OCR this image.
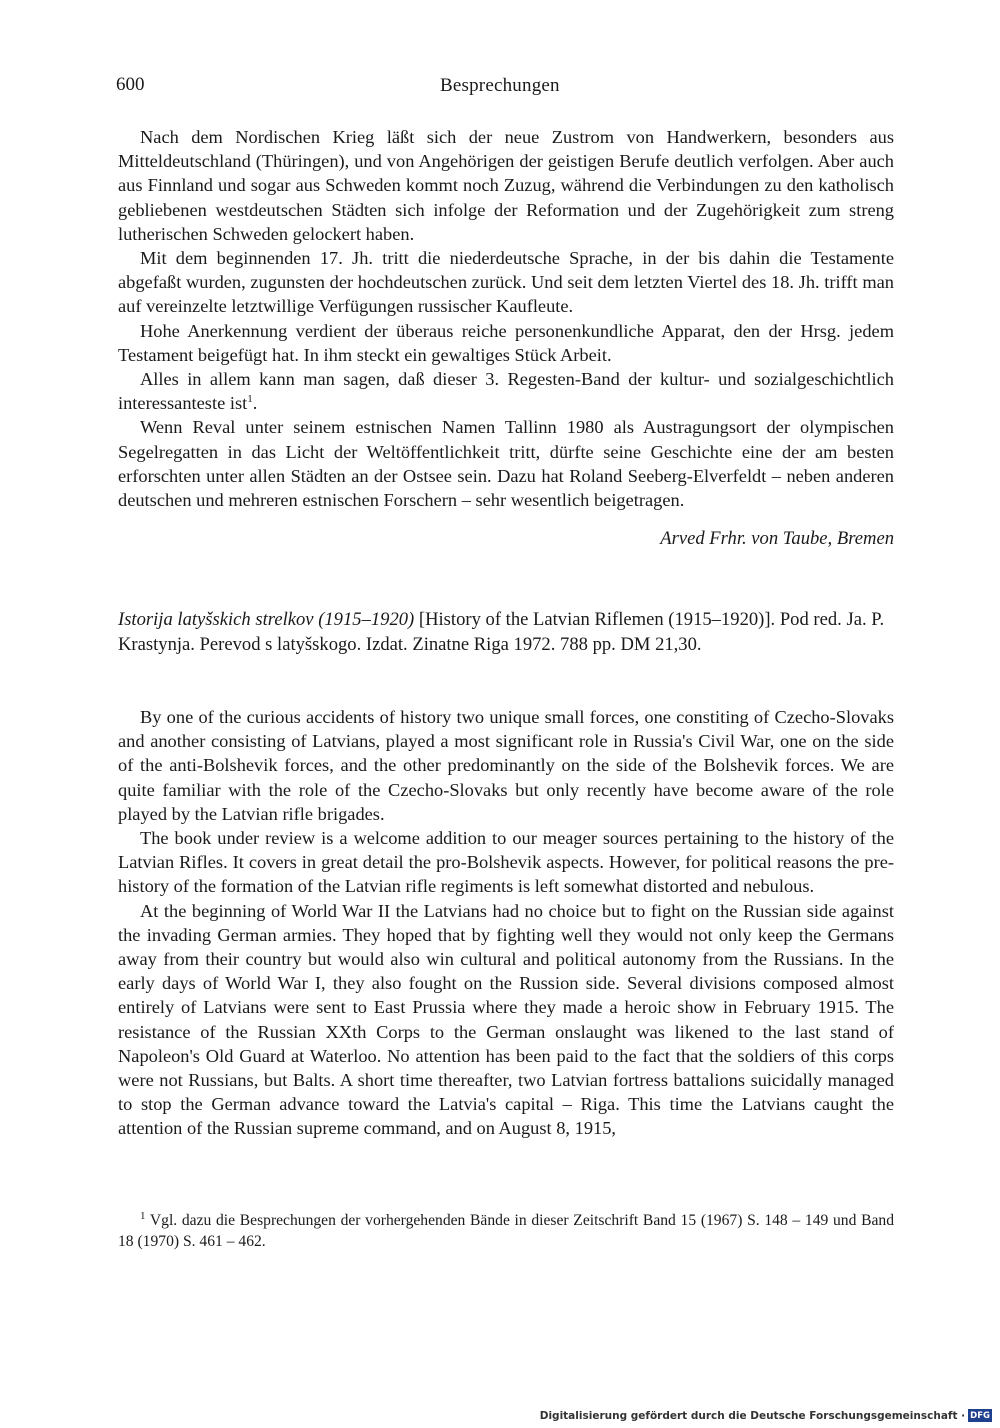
600	Besprechungen

Nach dem Nordischen Krieg läßt sich der neue Zustrom von Handwerkern, besonders aus Mitteldeutschland (Thüringen), und von Angehörigen der geistigen Berufe deutlich verfolgen. Aber auch aus Finnland und sogar aus Schweden kommt noch Zuzug, während die Verbindungen zu den katholisch gebliebenen westdeutschen Städten sich infolge der Reformation und der Zugehörigkeit zum streng lutherischen Schweden gelockert haben.

Mit dem beginnenden 17. Jh. tritt die niederdeutsche Sprache, in der bis dahin die Testamente abgefaßt wurden, zugunsten der hochdeutschen zurück. Und seit dem letzten Viertel des 18. Jh. trifft man auf vereinzelte letztwillige Verfügungen russischer Kaufleute.

Hohe Anerkennung verdient der überaus reiche personenkundliche Apparat, den der Hrsg. jedem Testament beigefügt hat. In ihm steckt ein gewaltiges Stück Arbeit.

Alles in allem kann man sagen, daß dieser 3. Regesten-Band der kultur- und sozialgeschichtlich interessanteste ist$^1$.

Wenn Reval unter seinem estnischen Namen Tallinn 1980 als Austragungsort der olympischen Segelregatten in das Licht der Weltöffentlichkeit tritt, dürfte seine Geschichte eine der am besten erforschten unter allen Städten an der Ostsee sein. Dazu hat Roland Seeberg-Elverfeldt – neben anderen deutschen und mehreren estnischen Forschern – sehr wesentlich beigetragen.

Arved Frhr. von Taube, Bremen
Istorija latyšskich strelkov (1915–1920) [History of the Latvian Riflemen (1915–1920)]. Pod red. Ja. P. Krastynja. Perevod s latyšskogo. Izdat. Zinatne Riga 1972. 788 pp. DM 21,30.

By one of the curious accidents of history two unique small forces, one constiting of Czecho-Slovaks and another consisting of Latvians, played a most significant role in Russia's Civil War, one on the side of the anti-Bolshevik forces, and the other predominantly on the side of the Bolshevik forces. We are quite familiar with the role of the Czecho-Slovaks but only recently have become aware of the role played by the Latvian rifle brigades.

The book under review is a welcome addition to our meager sources pertaining to the history of the Latvian Rifles. It covers in great detail the pro-Bolshevik aspects. However, for political reasons the pre-history of the formation of the Latvian rifle regiments is left somewhat distorted and nebulous.

At the beginning of World War II the Latvians had no choice but to fight on the Russian side against the invading German armies. They hoped that by fighting well they would not only keep the Germans away from their country but would also win cultural and political autonomy from the Russians. In the early days of World War I, they also fought on the Russion side. Several divisions composed almost entirely of Latvians were sent to East Prussia where they made a heroic show in February 1915. The resistance of the Russian XXth Corps to the German onslaught was likened to the last stand of Napoleon's Old Guard at Waterloo. No attention has been paid to the fact that the soldiers of this corps were not Russians, but Balts. A short time thereafter, two Latvian fortress battalions suicidally managed to stop the German advance toward the Latvia's capital – Riga. This time the Latvians caught the attention of the Russian supreme command, and on August 8, 1915,

$^1$ Vgl. dazu die Besprechungen der vorhergehenden Bände in dieser Zeitschrift Band 15 (1967) S. 148 – 149 und Band 18 (1970) S. 461 – 462.

Digitalisierung gefördert durch die Deutsche Forschungsgemeinschaft · DFG
